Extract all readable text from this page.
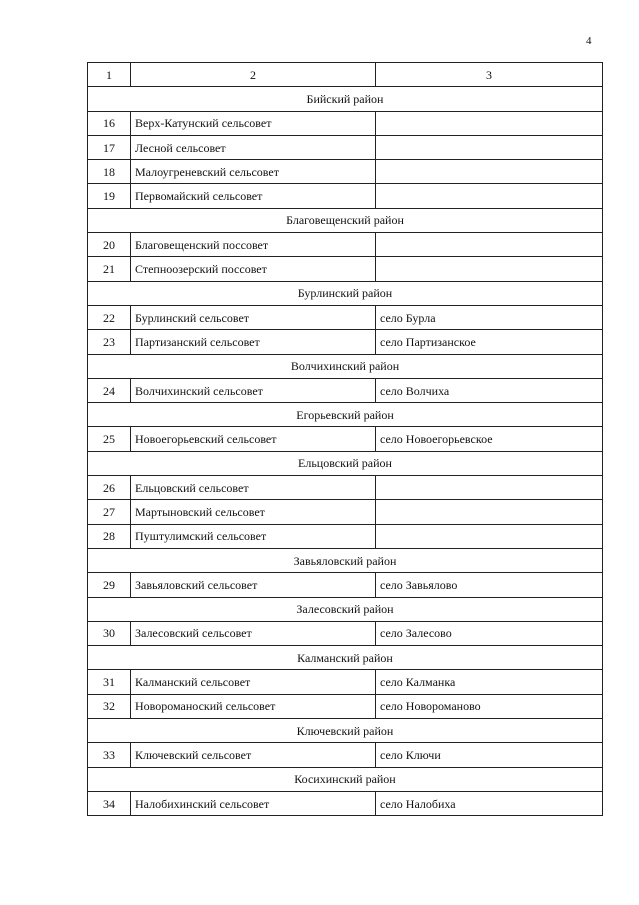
4
1	2	3
Бийский район		
16	Верх-Катунский сельсовет	
17	Лесной сельсовет	
18	Малоугреневский сельсовет	
19	Первомайский сельсовет	
Благовещенский район		
20	Благовещенский поссовет	
21	Степноозерский поссовет	
Бурлинский район		
22	Бурлинский сельсовет	село Бурла
23	Партизанский сельсовет	село Партизанское
Волчихинский район		
24	Волчихинский сельсовет	село Волчиха
Егорьевский район		
25	Новоегорьевский сельсовет	село Новоегорьевское
Ельцовский район		
26	Ельцовский сельсовет	
27	Мартыновский сельсовет	
28	Пуштулимский сельсовет	
Завьяловский район		
29	Завьяловский сельсовет	село Завьялово
Залесовский район		
30	Залесовский сельсовет	село Залесово
Калманский район		
31	Калманский сельсовет	село Калманка
32	Новороманоский сельсовет	село Новороманово
Ключевский район		
33	Ключевский сельсовет	село Ключи
Косихинский район		
34	Налобихинский сельсовет	село Налобиха
